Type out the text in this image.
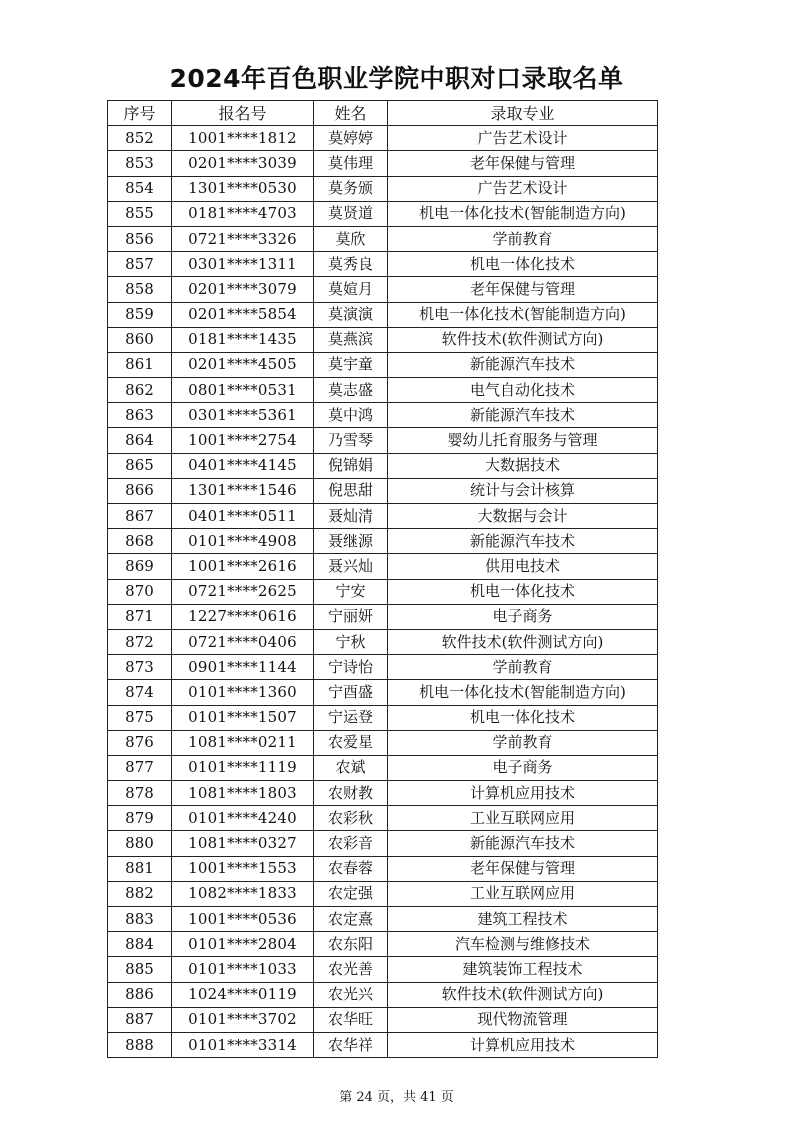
2024年百色职业学院中职对口录取名单
序号	报名号	姓名	录取专业
852	1001****1812	莫婷婷	广告艺术设计
853	0201****3039	莫伟理	老年保健与管理
854	1301****0530	莫务颁	广告艺术设计
855	0181****4703	莫贤道	机电一体化技术(智能制造方向)
856	0721****3326	莫欣	学前教育
857	0301****1311	莫秀良	机电一体化技术
858	0201****3079	莫媗月	老年保健与管理
859	0201****5854	莫演演	机电一体化技术(智能制造方向)
860	0181****1435	莫燕滨	软件技术(软件测试方向)
861	0201****4505	莫宇童	新能源汽车技术
862	0801****0531	莫志盛	电气自动化技术
863	0301****5361	莫中鸿	新能源汽车技术
864	1001****2754	乃雪琴	婴幼儿托育服务与管理
865	0401****4145	倪锦娟	大数据技术
866	1301****1546	倪思甜	统计与会计核算
867	0401****0511	聂灿清	大数据与会计
868	0101****4908	聂继源	新能源汽车技术
869	1001****2616	聂兴灿	供用电技术
870	0721****2625	宁安	机电一体化技术
871	1227****0616	宁丽妍	电子商务
872	0721****0406	宁秋	软件技术(软件测试方向)
873	0901****1144	宁诗怡	学前教育
874	0101****1360	宁酉盛	机电一体化技术(智能制造方向)
875	0101****1507	宁运登	机电一体化技术
876	1081****0211	农爱星	学前教育
877	0101****1119	农斌	电子商务
878	1081****1803	农财教	计算机应用技术
879	0101****4240	农彩秋	工业互联网应用
880	1081****0327	农彩音	新能源汽车技术
881	1001****1553	农春蓉	老年保健与管理
882	1082****1833	农定强	工业互联网应用
883	1001****0536	农定熹	建筑工程技术
884	0101****2804	农东阳	汽车检测与维修技术
885	0101****1033	农光善	建筑装饰工程技术
886	1024****0119	农光兴	软件技术(软件测试方向)
887	0101****3702	农华旺	现代物流管理
888	0101****3314	农华祥	计算机应用技术
第 24 页，共 41 页
